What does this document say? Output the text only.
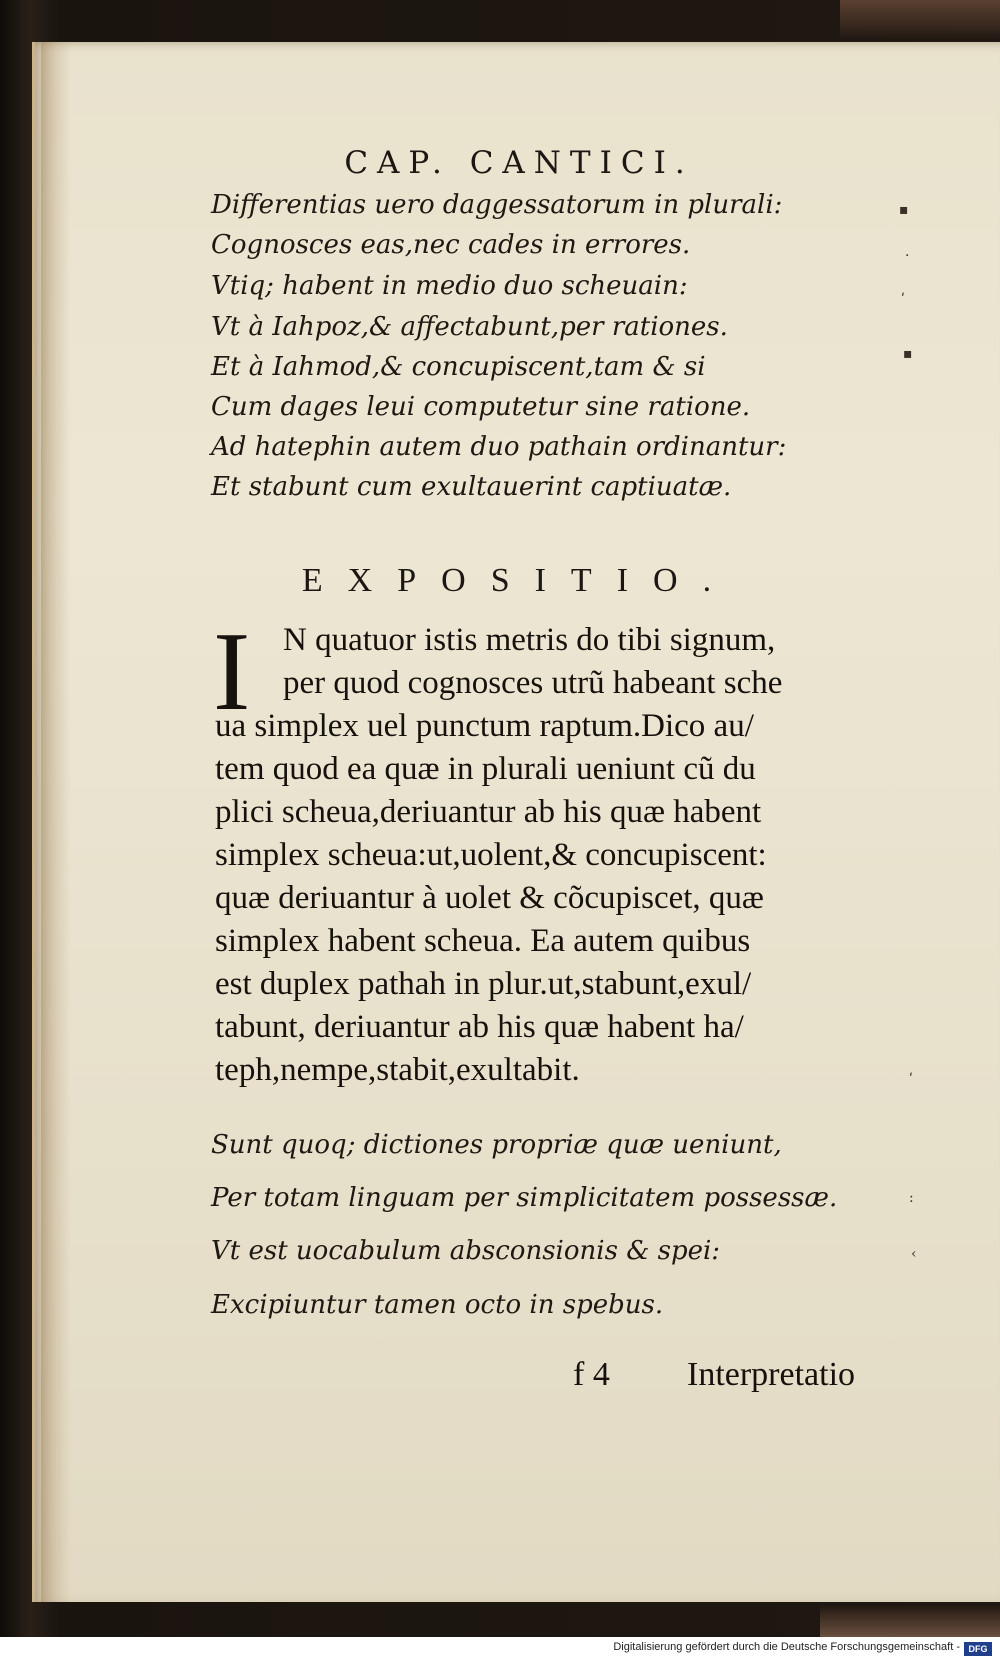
CAP. CANTICI.
Differentias uero daggessatorum in plurali:
Cognosces eas,nec cades in errores.
Vtiq; habent in medio duo scheuain:
Vt à Iahpoz,& affectabunt,per rationes.
Et à Iahmod,& concupiscent,tam & si
Cum dages leui computetur sine ratione.
Ad hatephin autem duo pathain ordinantur:
Et stabunt cum exultauerint captiuatæ.
EXPOSITIO.
I N quatuor istis metris do tibi signum,
per quod cognosces utrũ habeant sche
ua simplex uel punctum raptum.Dico au/
tem quod ea quæ in plurali ueniunt cũ du
plici scheua,deriuantur ab his quæ habent
simplex scheua:ut,uolent,& concupiscent:
quæ deriuantur à uolet & cõcupiscet, quæ
simplex habent scheua. Ea autem quibus
est duplex pathah in plur.ut,stabunt,exul/
tabunt, deriuantur ab his quæ habent ha/
teph,nempe,stabit,exultabit.
Sunt quoq; dictiones propriæ quæ ueniunt,
Per totam linguam per simplicitatem possessæ.
Vt est uocabulum absconsionis & spei:
Excipiuntur tamen octo in spebus.
f 4 Interpretatio
▪
·
ʹ
▪
ʹ
:
‹
Digitalisierung gefördert durch die Deutsche Forschungsgemeinschaft - DFG
